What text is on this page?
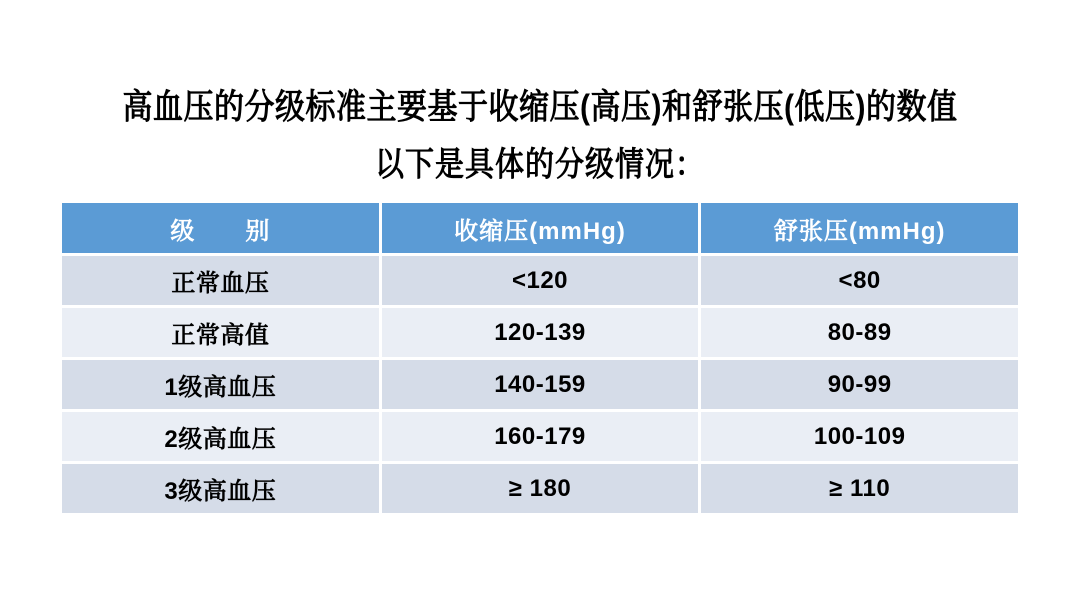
高血压的分级标准主要基于收缩压(高压)和舒张压(低压)的数值
以下是具体的分级情况：
级　　别	收缩压(mmHg)	舒张压(mmHg)
正常血压	<120	<80
正常高值	120-139	80-89
1级高血压	140-159	90-99
2级高血压	160-179	100-109
3级高血压	≥ 180	≥ 110
